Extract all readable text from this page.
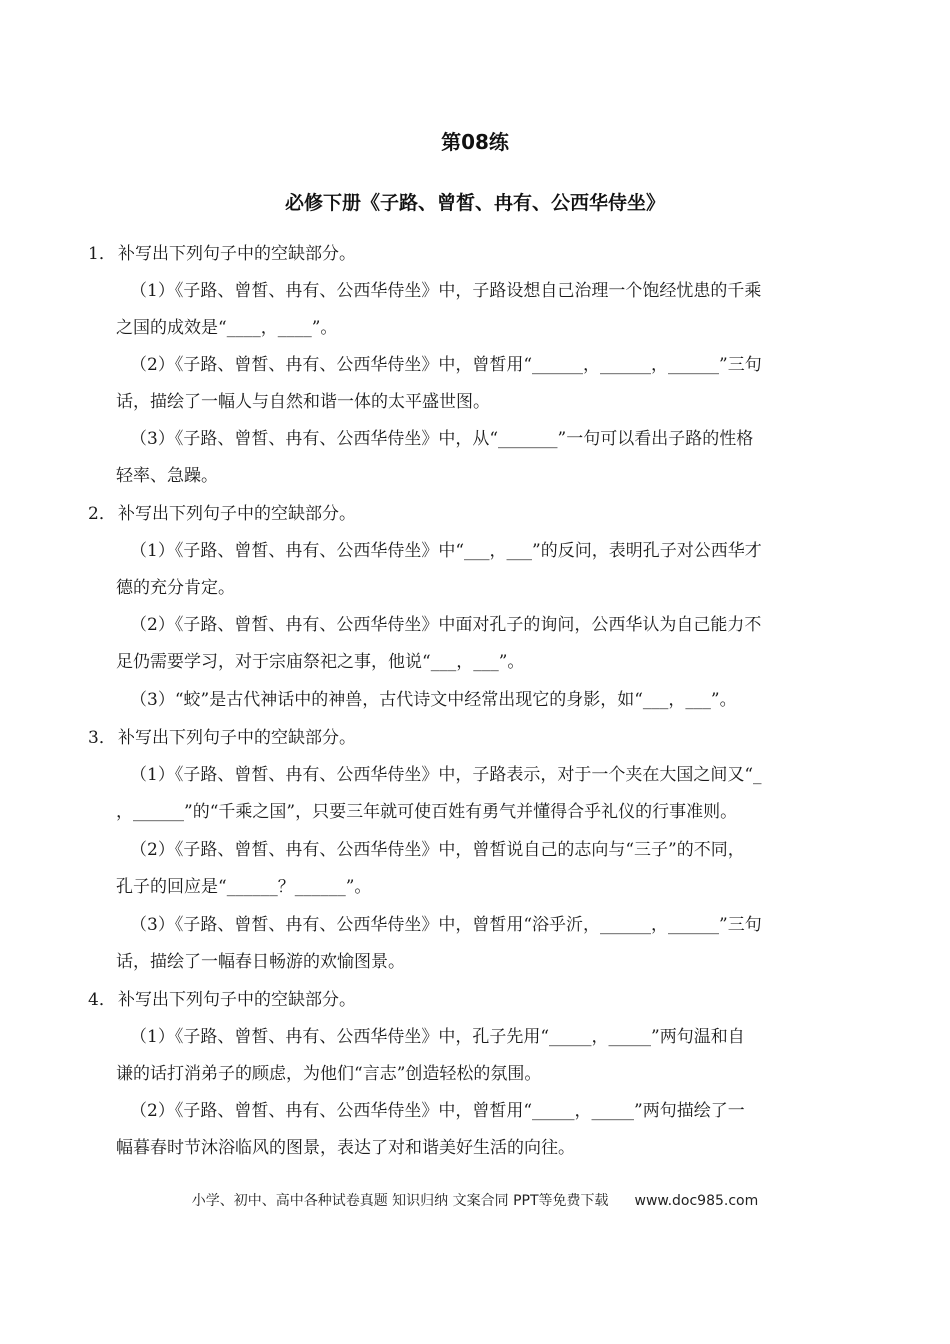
第08练
必修下册《子路、曾皙、冉有、公西华侍坐》
1． 补写出下列句子中的空缺部分。
（1）《子路、曾皙、冉有、公西华侍坐》中，子路设想自己治理一个饱经忧患的千乘
之国的成效是“____，____”。
（2）《子路、曾皙、冉有、公西华侍坐》中，曾皙用“______，______，______”三句
话，描绘了一幅人与自然和谐一体的太平盛世图。
（3）《子路、曾皙、冉有、公西华侍坐》中，从“_______”一句可以看出子路的性格
轻率、急躁。
2． 补写出下列句子中的空缺部分。
（1）《子路、曾皙、冉有、公西华侍坐》中“___，___”的反问，表明孔子对公西华才
德的充分肯定。
（2）《子路、曾皙、冉有、公西华侍坐》中面对孔子的询问，公西华认为自己能力不
足仍需要学习，对于宗庙祭祀之事，他说“___，___”。
（3）“蛟”是古代神话中的神兽，古代诗文中经常出现它的身影，如“___，___”。
3． 补写出下列句子中的空缺部分。
（1）《子路、曾皙、冉有、公西华侍坐》中，子路表示，对于一个夹在大国之间又“_
，______”的“千乘之国”，只要三年就可使百姓有勇气并懂得合乎礼仪的行事准则。
（2）《子路、曾皙、冉有、公西华侍坐》中，曾皙说自己的志向与“三子”的不同，
孔子的回应是“______？______”。
（3）《子路、曾皙、冉有、公西华侍坐》中，曾皙用“浴乎沂，______，______”三句
话，描绘了一幅春日畅游的欢愉图景。
4． 补写出下列句子中的空缺部分。
（1）《子路、曾皙、冉有、公西华侍坐》中，孔子先用“_____，_____”两句温和自
谦的话打消弟子的顾虑，为他们“言志”创造轻松的氛围。
（2）《子路、曾皙、冉有、公西华侍坐》中，曾皙用“_____，_____”两句描绘了一
幅暮春时节沐浴临风的图景，表达了对和谐美好生活的向往。
小学、初中、高中各种试卷真题 知识归纳 文案合同 PPT等免费下载 www.doc985.com
